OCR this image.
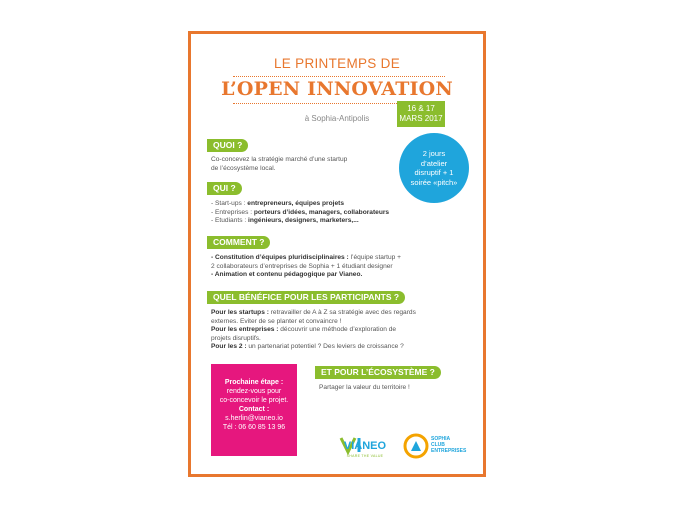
LE PRINTEMPS DE
L’OPEN INNOVATION
à Sophia-Antipolis
16 & 17
MARS 2017
2 jours
d’atelier
disruptif + 1
soirée «pitch»
QUOI ?
Co-concevez la stratégie marché d’une startup
de l’écosystème local.
QUI ?
- Start-ups : entrepreneurs, équipes projets
- Entreprises : porteurs d’idées, managers, collaborateurs
- Etudiants : ingénieurs, designers, marketers,...
COMMENT ?
- Constitution d’équipes pluridisciplinaires : l’équipe startup +
2 collaborateurs d’entreprises de Sophia + 1 étudiant designer
- Animation et contenu pédagogique par Vianeo.
QUEL BÉNÉFICE POUR LES PARTICIPANTS ?
Pour les startups : retravailler de A à Z sa stratégie avec des regards
externes. Eviter de se planter et convaincre !
Pour les entreprises : découvrir une méthode d’exploration de
projets disruptifs.
Pour les 2 : un partenariat potentiel ? Des leviers de croissance ?
Prochaine étape :
rendez-vous pour
co-concevoir le projet.
Contact :
s.herlin@vianeo.io
Tél : 06 60 85 13 96
ET POUR L’ÉCOSYSTÈME ?
Partager la valeur du territoire !
VIANEO
SHARE THE VALUE
SOPHIA
CLUB
ENTREPRISES
